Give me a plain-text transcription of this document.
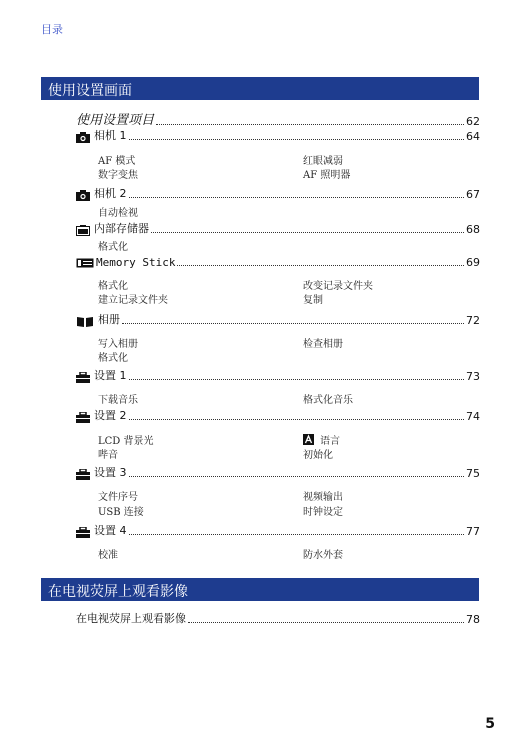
目录
使用设置画面
使用设置项目	62
相机 1	64
AF 模式	红眼减弱
数字变焦	AF 照明器
相机 2	67
自动检视
内部存储器	68
格式化
Memory Stick	69
格式化	改变记录文件夹
建立记录文件夹	复制
相册	72
写入相册	检查相册
格式化
设置 1	73
下载音乐	格式化音乐
设置 2	74
LCD 背景光	语言
哔音	初始化
设置 3	75
文件序号	视频输出
USB 连接	时钟设定
设置 4	77
校准	防水外套
在电视荧屏上观看影像
在电视荧屏上观看影像	78
5
